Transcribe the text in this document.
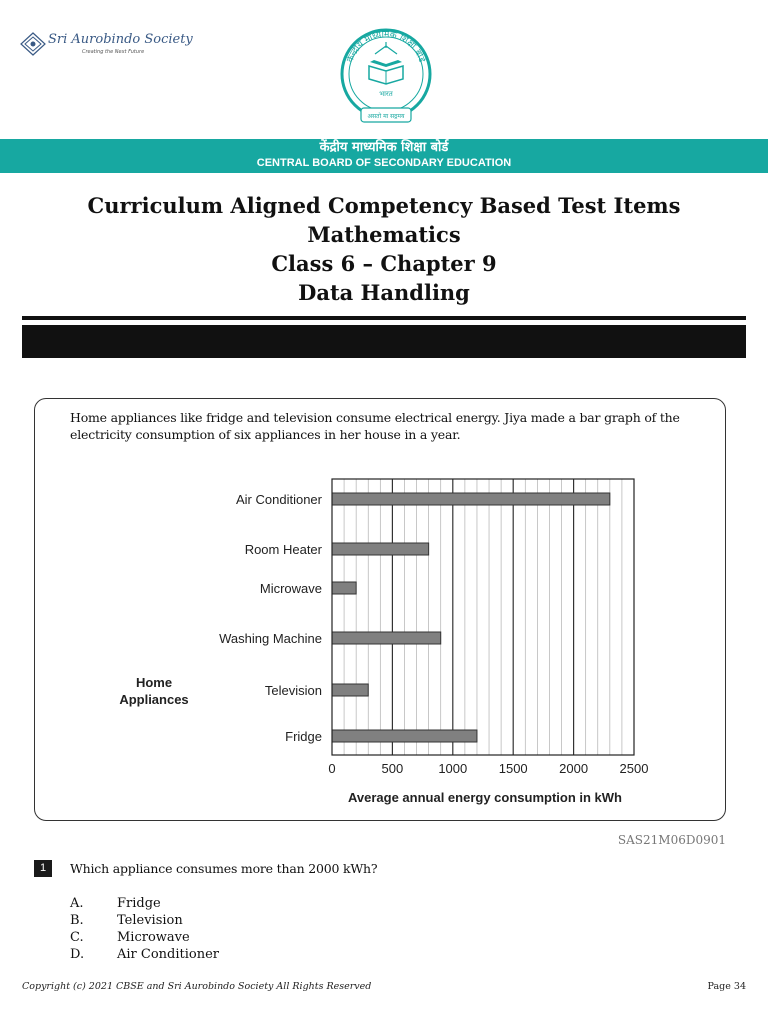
Sri Aurobindo Society
Creating the Next Future
केन्द्रीय माध्यमिक शिक्षा बोर्ड
भारत
असतो मा सद्गमय
केंद्रीय माध्यमिक शिक्षा बोर्ड
CENTRAL BOARD OF SECONDARY EDUCATION
Curriculum Aligned Competency Based Test Items
Mathematics
Class 6 – Chapter 9
Data Handling
Home appliances like fridge and television consume electrical energy. Jiya made a bar graph of the electricity consumption of six appliances in her house in a year.
Air Conditioner
Room Heater
Microwave
Washing Machine
Television
Fridge
0	500	1000 1500 2000 2500
Home
Appliances
Average annual energy consumption in kWh
SAS21M06D0901
1	Which appliance consumes more than 2000 kWh?
A.	Fridge
B.	Television
C.	Microwave
D.	Air Conditioner
Copyright (c) 2021 CBSE and Sri Aurobindo Society All Rights Reserved	Page 34
